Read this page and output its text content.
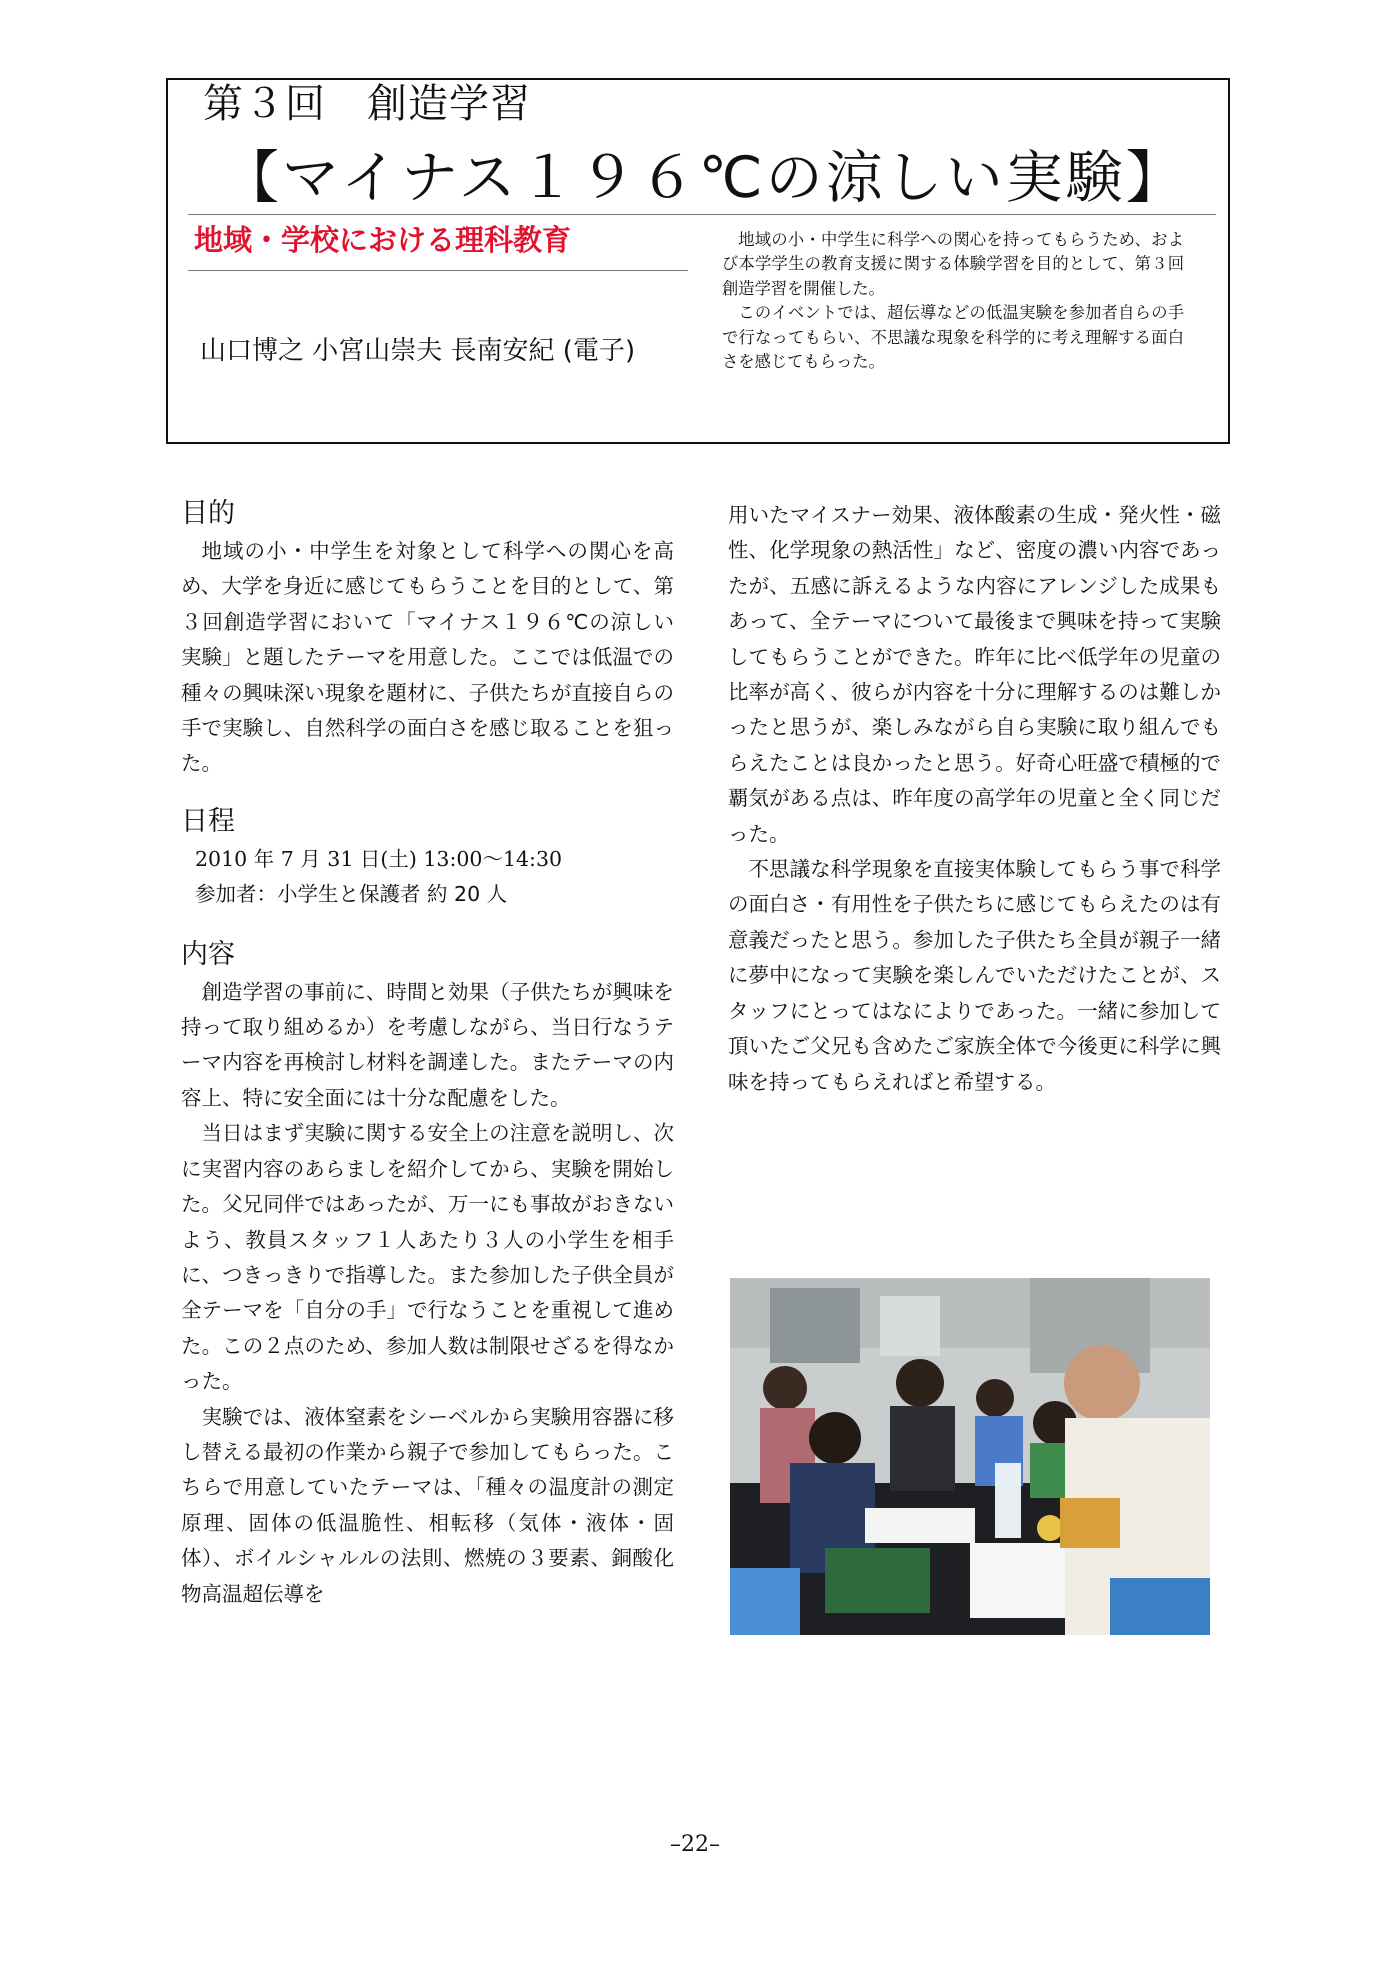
第３回　創造学習
【マイナス１９６℃の涼しい実験】
地域・学校における理科教育
山口博之 小宮山崇夫 長南安紀 (電子)

地域の小・中学生に科学への関心を持ってもらうため、および本学学生の教育支援に関する体験学習を目的として、第３回創造学習を開催した。

このイベントでは、超伝導などの低温実験を参加者自らの手で行なってもらい、不思議な現象を科学的に考え理解する面白さを感じてもらった。

目的

地域の小・中学生を対象として科学への関心を高め、大学を身近に感じてもらうことを目的として、第３回創造学習において「マイナス１９６℃の涼しい実験」と題したテーマを用意した。ここでは低温での種々の興味深い現象を題材に、子供たちが直接自らの手で実験し、自然科学の面白さを感じ取ることを狙った。

日程

2010 年 7 月 31 日(土) 13:00～14:30

参加者：小学生と保護者 約 20 人

内容

創造学習の事前に、時間と効果（子供たちが興味を持って取り組めるか）を考慮しながら、当日行なうテーマ内容を再検討し材料を調達した。またテーマの内容上、特に安全面には十分な配慮をした。

当日はまず実験に関する安全上の注意を説明し、次に実習内容のあらましを紹介してから、実験を開始した。父兄同伴ではあったが、万一にも事故がおきないよう、教員スタッフ１人あたり３人の小学生を相手に、つきっきりで指導した。また参加した子供全員が全テーマを「自分の手」で行なうことを重視して進めた。この２点のため、参加人数は制限せざるを得なかった。

実験では、液体窒素をシーベルから実験用容器に移し替える最初の作業から親子で参加してもらった。こちらで用意していたテーマは、「種々の温度計の測定原理、固体の低温脆性、相転移（気体・液体・固体）、ボイルシャルルの法則、燃焼の３要素、銅酸化物高温超伝導を

用いたマイスナー効果、液体酸素の生成・発火性・磁性、化学現象の熱活性」など、密度の濃い内容であったが、五感に訴えるような内容にアレンジした成果もあって、全テーマについて最後まで興味を持って実験してもらうことができた。昨年に比べ低学年の児童の比率が高く、彼らが内容を十分に理解するのは難しかったと思うが、楽しみながら自ら実験に取り組んでもらえたことは良かったと思う。好奇心旺盛で積極的で覇気がある点は、昨年度の高学年の児童と全く同じだった。

不思議な科学現象を直接実体験してもらう事で科学の面白さ・有用性を子供たちに感じてもらえたのは有意義だったと思う。参加した子供たち全員が親子一緒に夢中になって実験を楽しんでいただけたことが、スタッフにとってはなによりであった。一緒に参加して頂いたご父兄も含めたご家族全体で今後更に科学に興味を持ってもらえればと希望する。

–22–
